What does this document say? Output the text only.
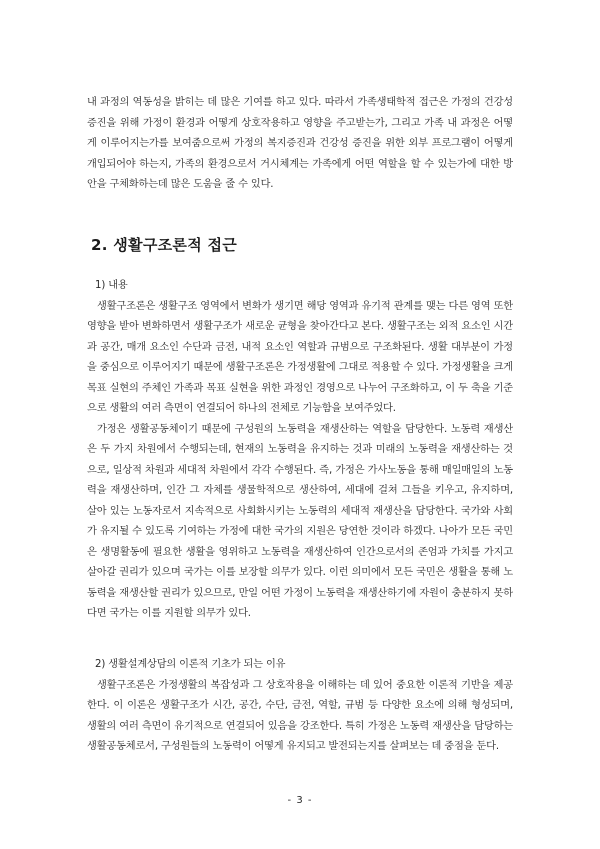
내 과정의 역동성을 밝히는 데 많은 기여를 하고 있다. 따라서 가족생태학적 접근은 가정의 건강성 증진을 위해 가정이 환경과 어떻게 상호작용하고 영향을 주고받는가, 그리고 가족 내 과정은 어떻게 이루어지는가를 보여줌으로써 가정의 복지증진과 건강성 증진을 위한 외부 프로그램이 어떻게 개입되어야 하는지, 가족의 환경으로서 거시체계는 가족에게 어떤 역할을 할 수 있는가에 대한 방안을 구체화하는데 많은 도움을 줄 수 있다.

2. 생활구조론적 접근

1) 내용

생활구조론은 생활구조 영역에서 변화가 생기면 해당 영역과 유기적 관계를 맺는 다른 영역 또한 영향을 받아 변화하면서 생활구조가 새로운 균형을 찾아간다고 본다. 생활구조는 외적 요소인 시간과 공간, 매개 요소인 수단과 금전, 내적 요소인 역할과 규범으로 구조화된다. 생활 대부분이 가정을 중심으로 이루어지기 때문에 생활구조론은 가정생활에 그대로 적용할 수 있다. 가정생활을 크게 목표 실현의 주체인 가족과 목표 실현을 위한 과정인 경영으로 나누어 구조화하고, 이 두 축을 기준으로 생활의 여러 측면이 연결되어 하나의 전체로 기능함을 보여주었다.

가정은 생활공동체이기 때문에 구성원의 노동력을 재생산하는 역할을 담당한다. 노동력 재생산은 두 가지 차원에서 수행되는데, 현재의 노동력을 유지하는 것과 미래의 노동력을 재생산하는 것으로, 일상적 차원과 세대적 차원에서 각각 수행된다. 즉, 가정은 가사노동을 통해 매일매일의 노동력을 재생산하며, 인간 그 자체를 생물학적으로 생산하여, 세대에 걸쳐 그들을 키우고, 유지하며, 살아 있는 노동자로서 지속적으로 사회화시키는 노동력의 세대적 재생산을 담당한다. 국가와 사회가 유지될 수 있도록 기여하는 가정에 대한 국가의 지원은 당연한 것이라 하겠다. 나아가 모든 국민은 생명활동에 필요한 생활을 영위하고 노동력을 재생산하여 인간으로서의 존엄과 가치를 가지고 살아갈 권리가 있으며 국가는 이를 보장할 의무가 있다. 이런 의미에서 모든 국민은 생활을 통해 노동력을 재생산할 권리가 있으므로, 만일 어떤 가정이 노동력을 재생산하기에 자원이 충분하지 못하다면 국가는 이를 지원할 의무가 있다.

2) 생활설계상담의 이론적 기초가 되는 이유

생활구조론은 가정생활의 복잡성과 그 상호작용을 이해하는 데 있어 중요한 이론적 기반을 제공한다. 이 이론은 생활구조가 시간, 공간, 수단, 금전, 역할, 규범 등 다양한 요소에 의해 형성되며, 생활의 여러 측면이 유기적으로 연결되어 있음을 강조한다. 특히 가정은 노동력 재생산을 담당하는 생활공동체로서, 구성원들의 노동력이 어떻게 유지되고 발전되는지를 살펴보는 데 중점을 둔다.

- 3 -
